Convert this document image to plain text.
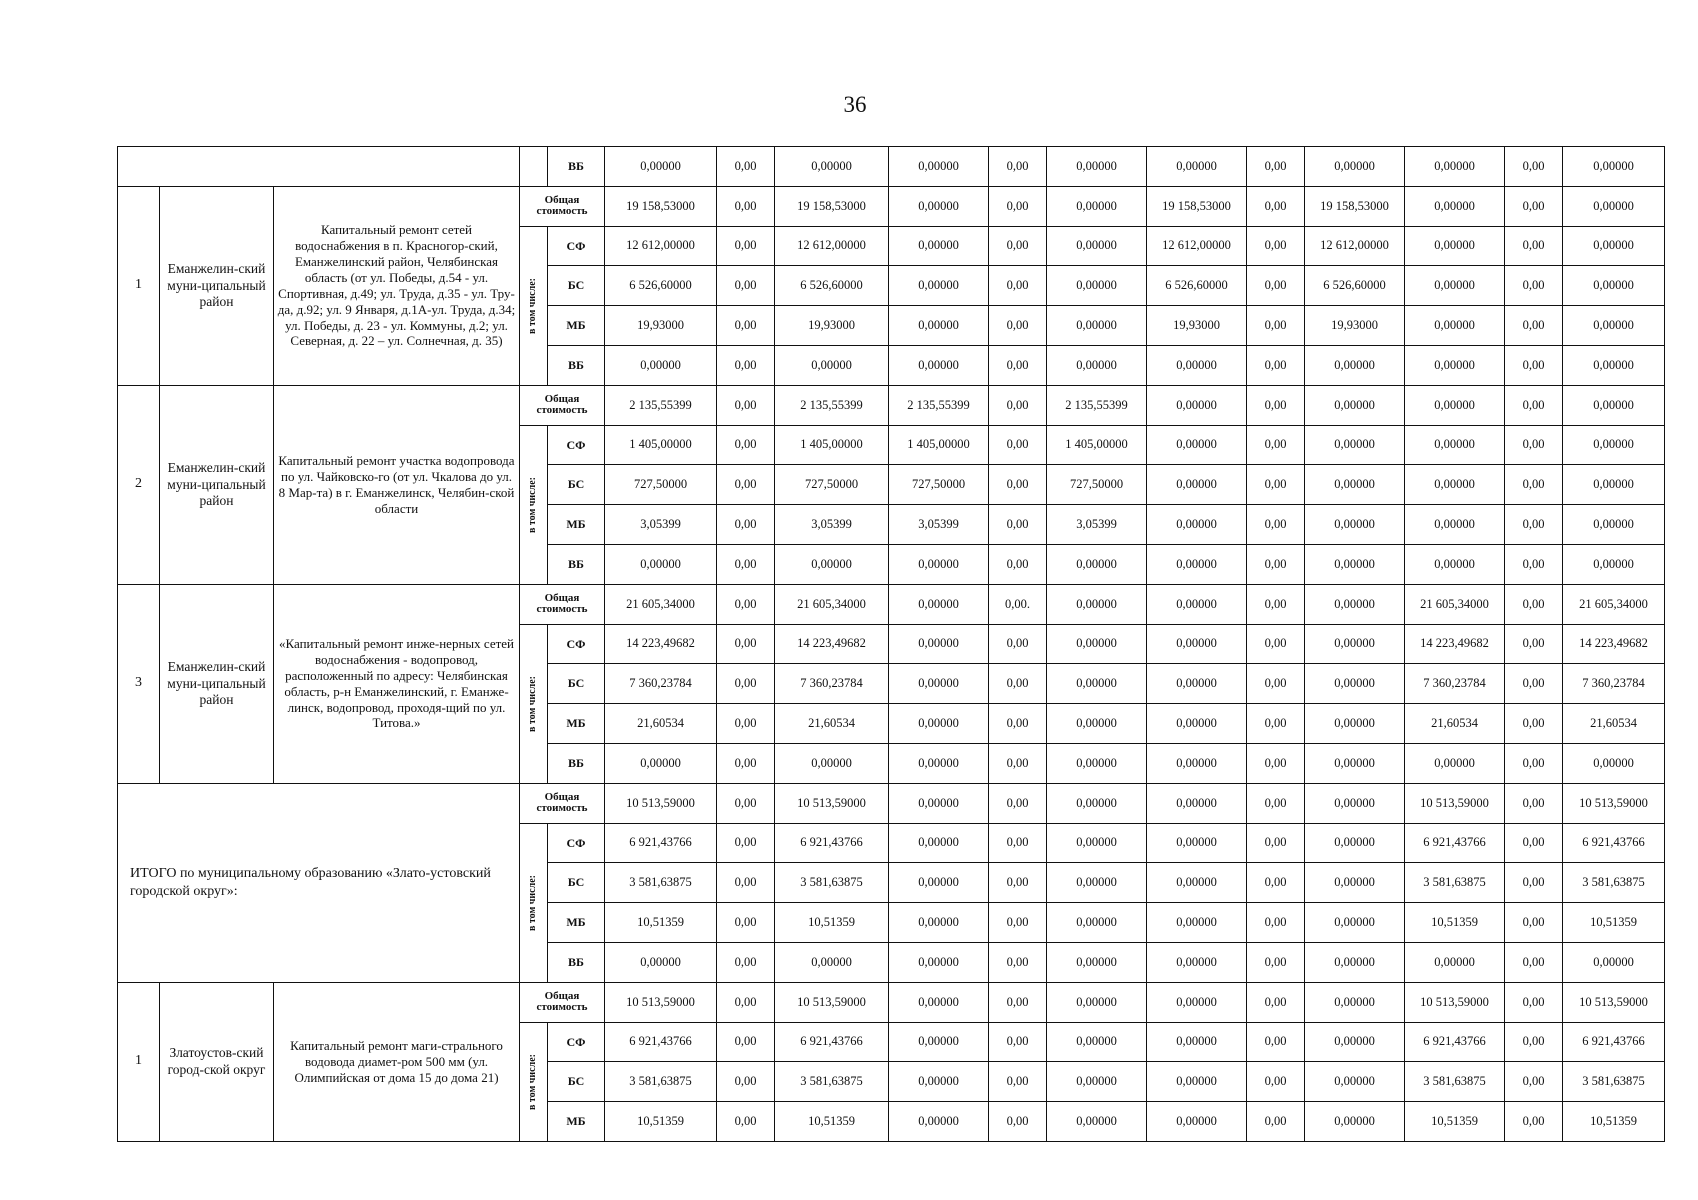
36
				ВБ	0,00000	0,00	0,00000	0,00000	0,00	0,00000	0,00000	0,00	0,00000	0,00000	0,00	0,00000
1	Еманжелин-ский муни-ципальный район	Капитальный ремонт сетей водоснабжения в п. Красногор-ский, Еманжелинский район, Челябинская область (от ул. Победы, д.54 - ул. Спортивная, д.49; ул. Труда, д.35 - ул. Тру-да, д.92; ул. 9 Января, д.1А-ул. Труда, д.34; ул. Победы, д. 23 - ул. Коммуны, д.2; ул. Северная, д. 22 – ул. Солнечная, д. 35)	Общая стоимость		19 158,53000	0,00	19 158,53000	0,00000	0,00	0,00000	19 158,53000	0,00	19 158,53000	0,00000	0,00	0,00000

			в том числе:	СФ	12 612,00000	0,00	12 612,00000	0,00000	0,00	0,00000	12 612,00000	0,00	12 612,00000	0,00000	0,00	0,00000
				БС	6 526,60000	0,00	6 526,60000	0,00000	0,00	0,00000	6 526,60000	0,00	6 526,60000	0,00000	0,00	0,00000
				МБ	19,93000	0,00	19,93000	0,00000	0,00	0,00000	19,93000	0,00	19,93000	0,00000	0,00	0,00000
				ВБ	0,00000	0,00	0,00000	0,00000	0,00	0,00000	0,00000	0,00	0,00000	0,00000	0,00	0,00000
2	Еманжелин-ский муни-ципальный район	Капитальный ремонт участка водопровода по ул. Чайковско-го (от ул. Чкалова до ул. 8 Мар-та) в г. Еманжелинск, Челябин-ской области	Общая стоимость		2 135,55399	0,00	2 135,55399	2 135,55399	0,00	2 135,55399	0,00000	0,00	0,00000	0,00000	0,00	0,00000

			в том числе:	СФ	1 405,00000	0,00	1 405,00000	1 405,00000	0,00	1 405,00000	0,00000	0,00	0,00000	0,00000	0,00	0,00000
				БС	727,50000	0,00	727,50000	727,50000	0,00	727,50000	0,00000	0,00	0,00000	0,00000	0,00	0,00000
				МБ	3,05399	0,00	3,05399	3,05399	0,00	3,05399	0,00000	0,00	0,00000	0,00000	0,00	0,00000
				ВБ	0,00000	0,00	0,00000	0,00000	0,00	0,00000	0,00000	0,00	0,00000	0,00000	0,00	0,00000
3	Еманжелин-ский муни-ципальный район	«Капитальный ремонт инже-нерных сетей водоснабжения - водопровод, расположенный по адресу: Челябинская область, р-н Еманжелинский, г. Еманже-линск, водопровод, проходя-щий по ул. Титова.»	Общая стоимость		21 605,34000	0,00	21 605,34000	0,00000	0,00.	0,00000	0,00000	0,00	0,00000	21 605,34000	0,00	21 605,34000

			в том числе:	СФ	14 223,49682	0,00	14 223,49682	0,00000	0,00	0,00000	0,00000	0,00	0,00000	14 223,49682	0,00	14 223,49682
				БС	7 360,23784	0,00	7 360,23784	0,00000	0,00	0,00000	0,00000	0,00	0,00000	7 360,23784	0,00	7 360,23784
				МБ	21,60534	0,00	21,60534	0,00000	0,00	0,00000	0,00000	0,00	0,00000	21,60534	0,00	21,60534
				ВБ	0,00000	0,00	0,00000	0,00000	0,00	0,00000	0,00000	0,00	0,00000	0,00000	0,00	0,00000
ИТОГО по муниципальному образованию «Злато-устовский городской округ»:			Общая стоимость		10 513,59000	0,00	10 513,59000	0,00000	0,00	0,00000	0,00000	0,00	0,00000	10 513,59000	0,00	10 513,59000

			в том числе:	СФ	6 921,43766	0,00	6 921,43766	0,00000	0,00	0,00000	0,00000	0,00	0,00000	6 921,43766	0,00	6 921,43766
				БС	3 581,63875	0,00	3 581,63875	0,00000	0,00	0,00000	0,00000	0,00	0,00000	3 581,63875	0,00	3 581,63875
				МБ	10,51359	0,00	10,51359	0,00000	0,00	0,00000	0,00000	0,00	0,00000	10,51359	0,00	10,51359
				ВБ	0,00000	0,00	0,00000	0,00000	0,00	0,00000	0,00000	0,00	0,00000	0,00000	0,00	0,00000
1	Златоустов-ский город-ской округ	Капитальный ремонт маги-стрального водовода диамет-ром 500 мм (ул. Олимпийская от дома 15 до дома 21)	Общая стоимость		10 513,59000	0,00	10 513,59000	0,00000	0,00	0,00000	0,00000	0,00	0,00000	10 513,59000	0,00	10 513,59000

			в том числе:	СФ	6 921,43766	0,00	6 921,43766	0,00000	0,00	0,00000	0,00000	0,00	0,00000	6 921,43766	0,00	6 921,43766
				БС	3 581,63875	0,00	3 581,63875	0,00000	0,00	0,00000	0,00000	0,00	0,00000	3 581,63875	0,00	3 581,63875
				МБ	10,51359	0,00	10,51359	0,00000	0,00	0,00000	0,00000	0,00	0,00000	10,51359	0,00	10,51359
